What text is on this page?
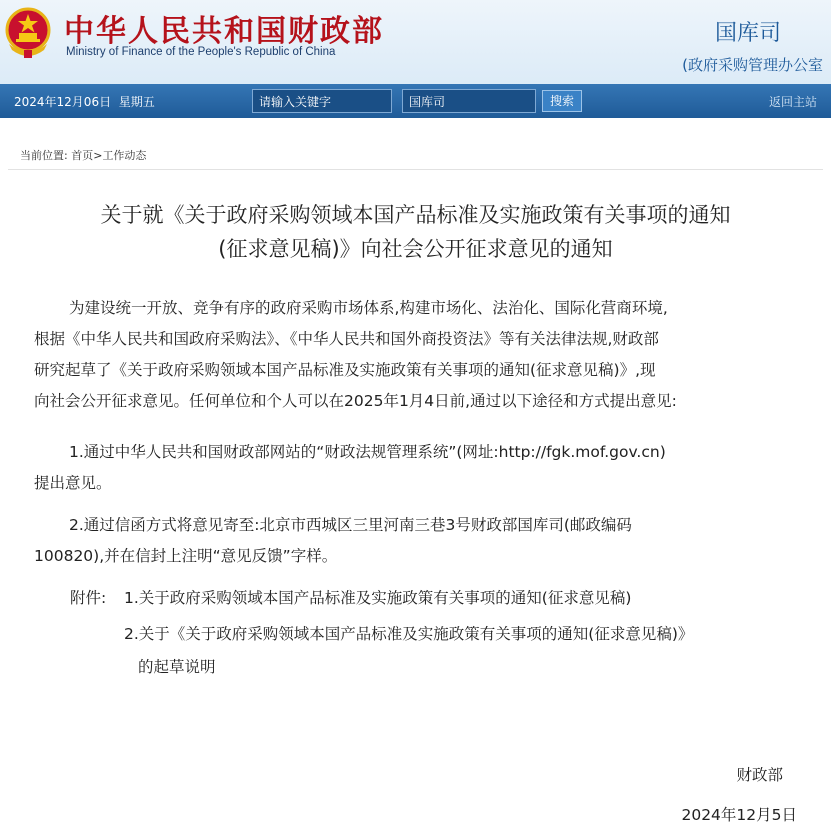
中华人民共和国财政部
Ministry of Finance of the People's Republic of China
国库司
(政府采购管理办公室
2024年12月06日 星期五	请输入关键字	国库司	搜索	返回主站
当前位置: 首页>工作动态
关于就《关于政府采购领域本国产品标准及实施政策有关事项的通知
(征求意见稿)》向社会公开征求意见的通知
为建设统一开放、竞争有序的政府采购市场体系,构建市场化、法治化、国际化营商环境,
根据《中华人民共和国政府采购法》、《中华人民共和国外商投资法》等有关法律法规,财政部
研究起草了《关于政府采购领域本国产品标准及实施政策有关事项的通知(征求意见稿)》,现
向社会公开征求意见。任何单位和个人可以在2025年1月4日前,通过以下途径和方式提出意见:
1.通过中华人民共和国财政部网站的“财政法规管理系统”(网址:http://fgk.mof.gov.cn)
提出意见。
2.通过信函方式将意见寄至:北京市西城区三里河南三巷3号财政部国库司(邮政编码
100820),并在信封上注明“意见反馈”字样。
附件: 1.关于政府采购领域本国产品标准及实施政策有关事项的通知(征求意见稿)
2.关于《关于政府采购领域本国产品标准及实施政策有关事项的通知(征求意见稿)》
的起草说明
财政部
2024年12月5日
